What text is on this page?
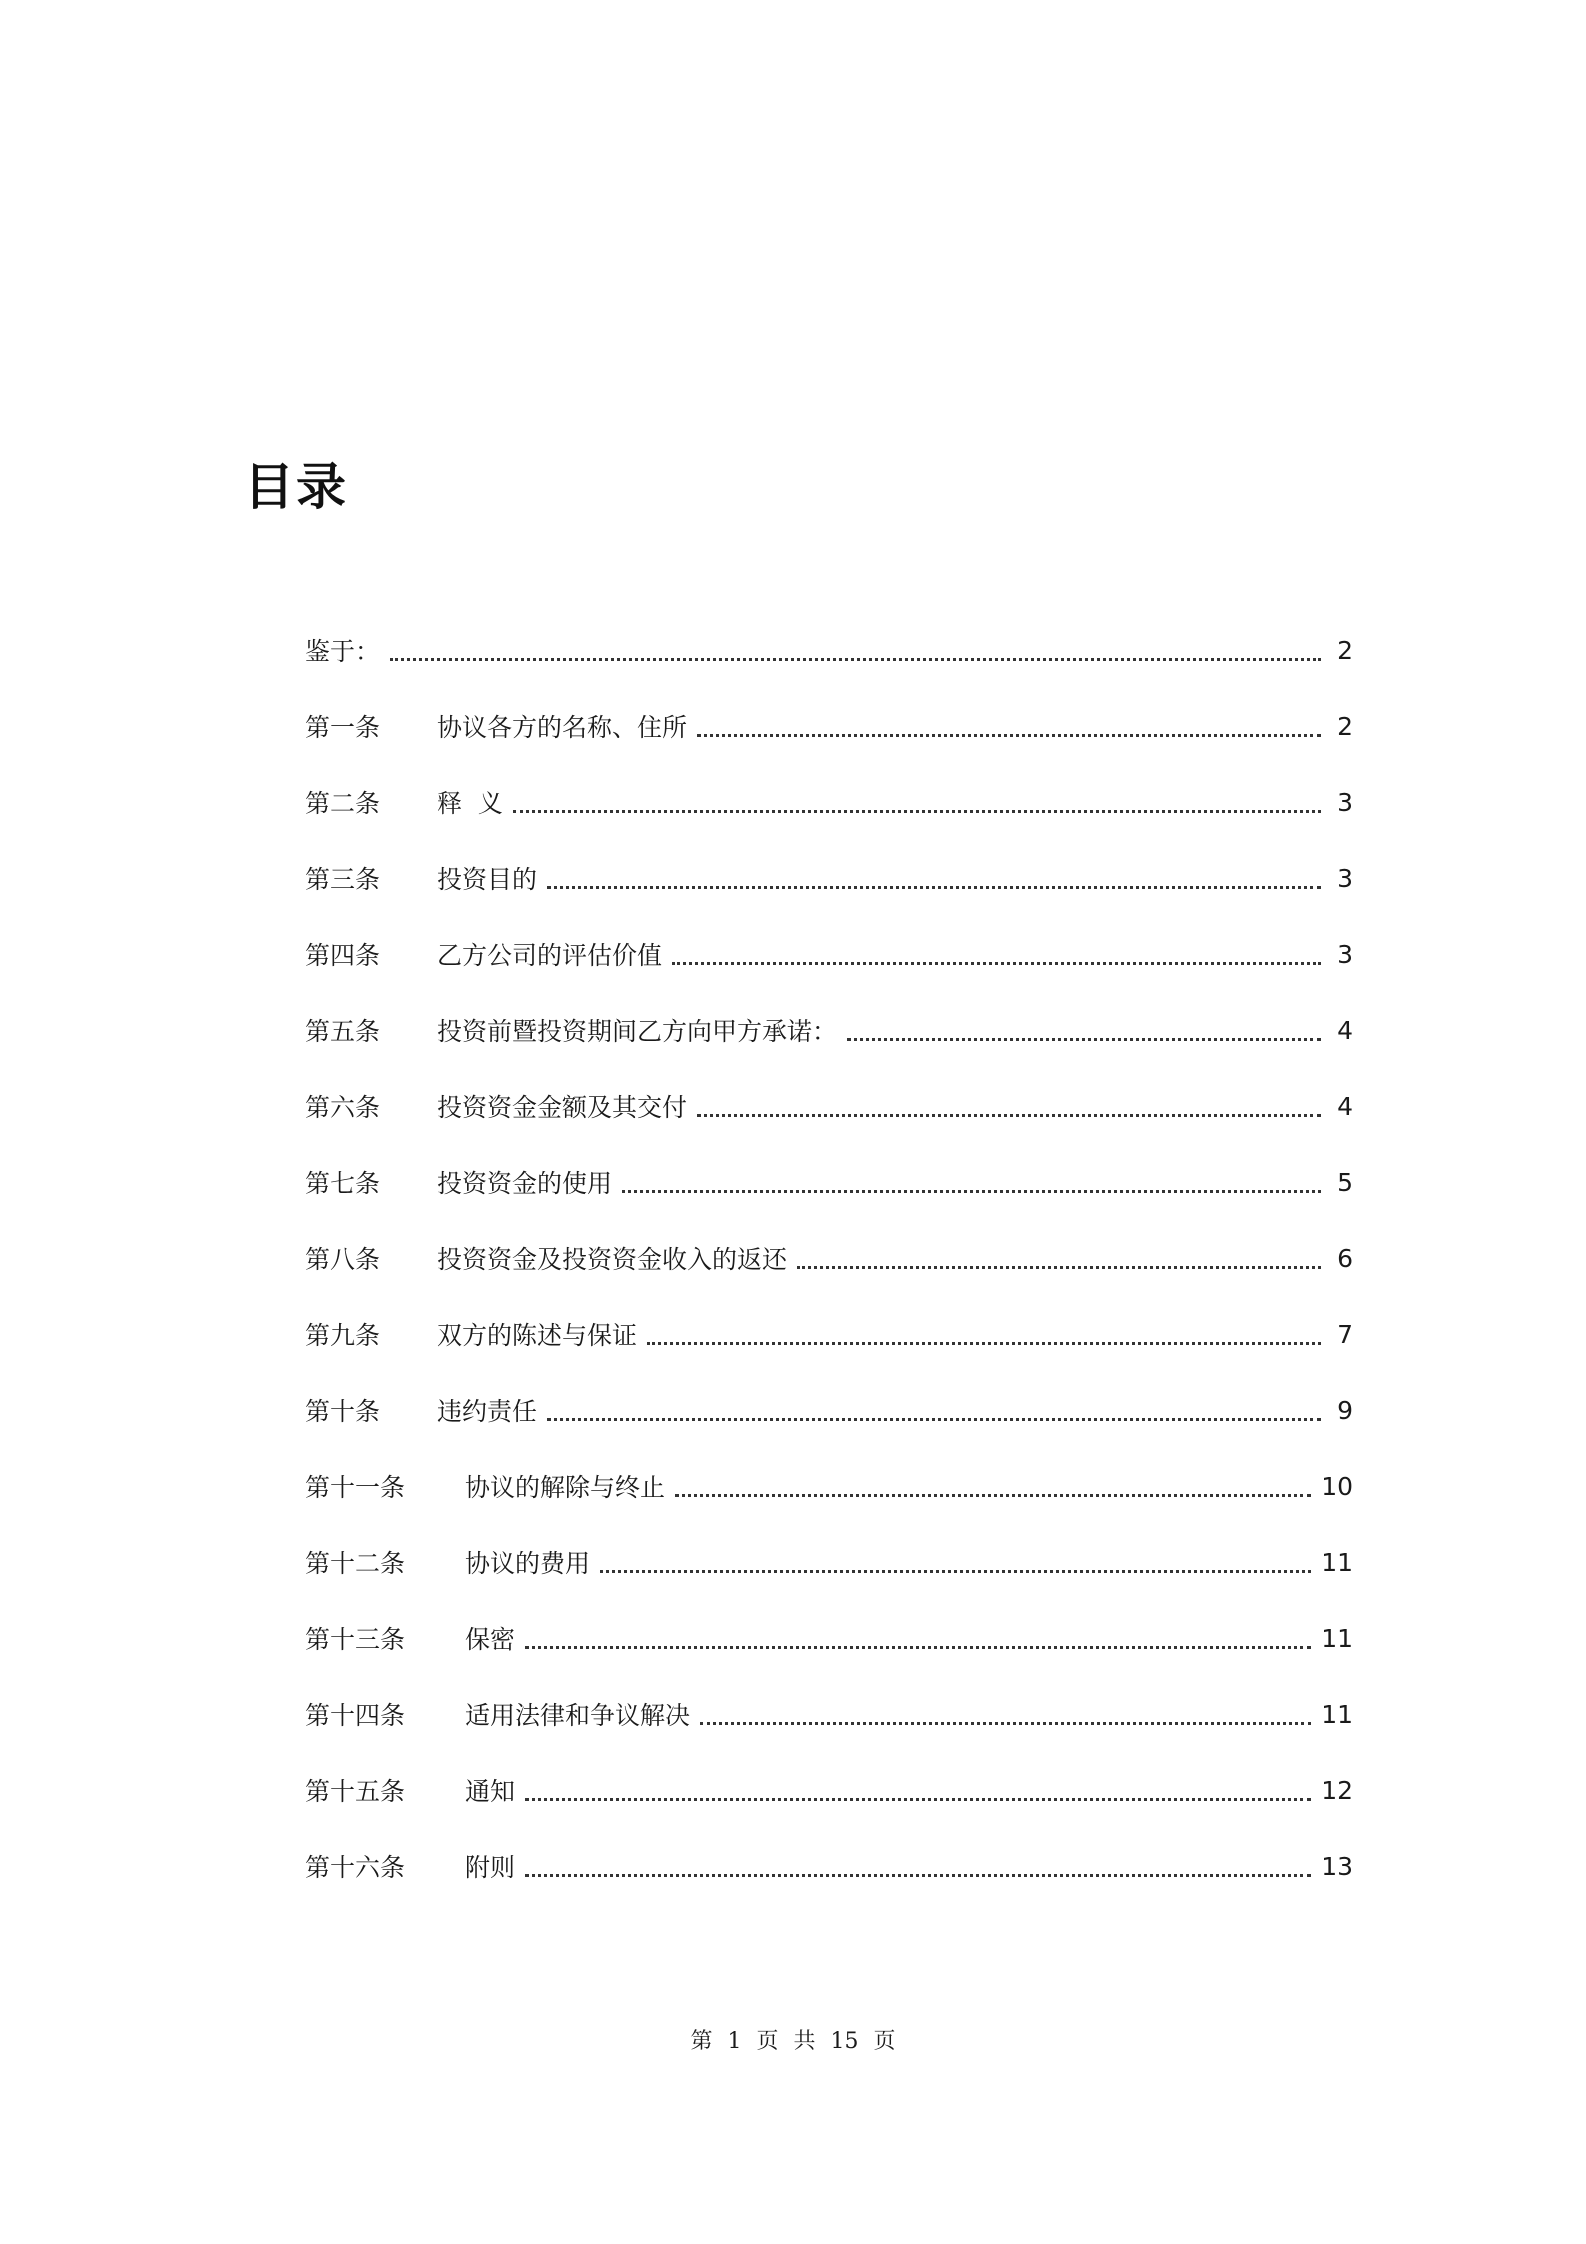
目录
鉴于：	2
第一条	协议各方的名称、住所	2
第二条	释  义	3
第三条	投资目的	3
第四条	乙方公司的评估价值	3
第五条	投资前暨投资期间乙方向甲方承诺：	4
第六条	投资资金金额及其交付	4
第七条	投资资金的使用	5
第八条	投资资金及投资资金收入的返还	6
第九条	双方的陈述与保证	7
第十条	违约责任	9
第十一条	协议的解除与终止	10
第十二条	协议的费用	11
第十三条	保密	11
第十四条	适用法律和争议解决	11
第十五条	通知	12
第十六条	附则	13
第 1 页 共 15 页
